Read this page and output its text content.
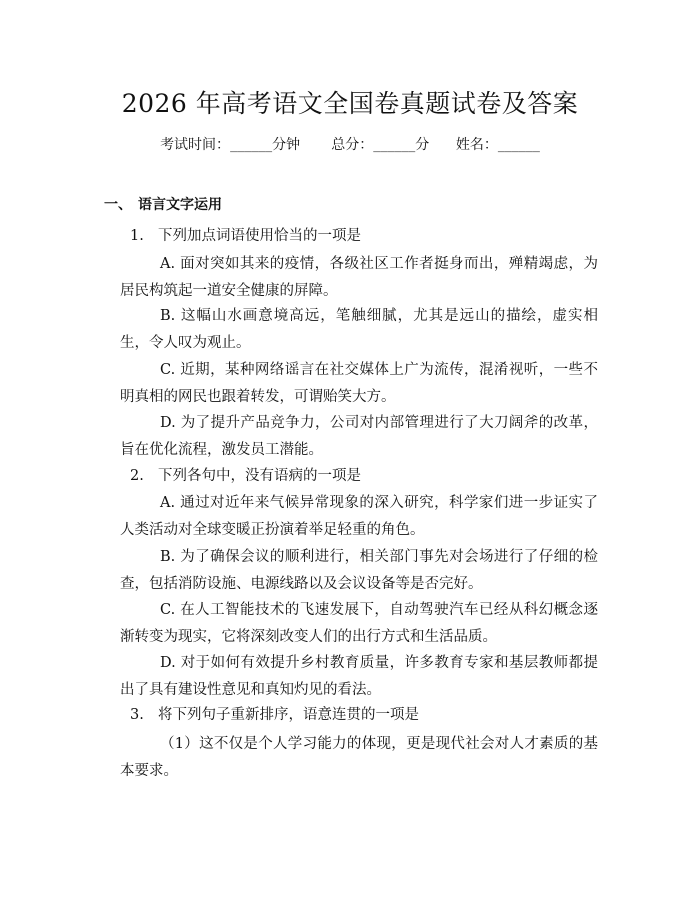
2026 年高考语文全国卷真题试卷及答案
考试时间：______分钟 总分：______分 姓名：______
一、 语言文字运用
1. 下列加点词语使用恰当的一项是
A. 面对突如其来的疫情，各级社区工作者挺身而出，殚精竭虑，为居民构筑起一道安全健康的屏障。
B. 这幅山水画意境高远，笔触细腻，尤其是远山的描绘，虚实相生，令人叹为观止。
C. 近期，某种网络谣言在社交媒体上广为流传，混淆视听，一些不明真相的网民也跟着转发，可谓贻笑大方。
D. 为了提升产品竞争力，公司对内部管理进行了大刀阔斧的改革，旨在优化流程，激发员工潜能。
2. 下列各句中，没有语病的一项是
A. 通过对近年来气候异常现象的深入研究，科学家们进一步证实了人类活动对全球变暖正扮演着举足轻重的角色。
B. 为了确保会议的顺利进行，相关部门事先对会场进行了仔细的检查，包括消防设施、电源线路以及会议设备等是否完好。
C. 在人工智能技术的飞速发展下，自动驾驶汽车已经从科幻概念逐渐转变为现实，它将深刻改变人们的出行方式和生活品质。
D. 对于如何有效提升乡村教育质量，许多教育专家和基层教师都提出了具有建设性意见和真知灼见的看法。
3. 将下列句子重新排序，语意连贯的一项是
（1）这不仅是个人学习能力的体现，更是现代社会对人才素质的基本要求。
